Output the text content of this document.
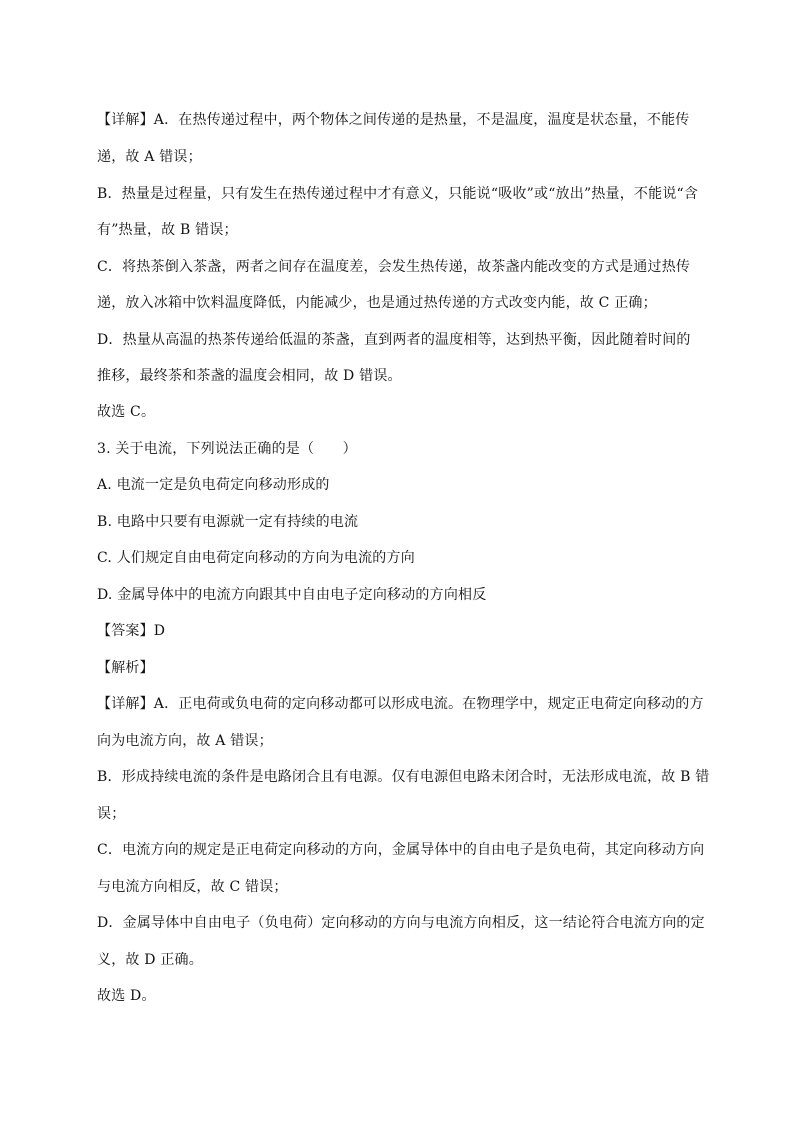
【详解】A．在热传递过程中，两个物体之间传递的是热量，不是温度，温度是状态量，不能传
递，故 A 错误；
B．热量是过程量，只有发生在热传递过程中才有意义，只能说“吸收”或“放出”热量，不能说“含
有”热量，故 B 错误；
C．将热茶倒入茶盏，两者之间存在温度差，会发生热传递，故茶盏内能改变的方式是通过热传
递，放入冰箱中饮料温度降低，内能减少，也是通过热传递的方式改变内能，故 C 正确；
D．热量从高温的热茶传递给低温的茶盏，直到两者的温度相等，达到热平衡，因此随着时间的
推移，最终茶和茶盏的温度会相同，故 D 错误。
故选 C。
3. 关于电流，下列说法正确的是（　　）
A. 电流一定是负电荷定向移动形成的
B. 电路中只要有电源就一定有持续的电流
C. 人们规定自由电荷定向移动的方向为电流的方向
D. 金属导体中的电流方向跟其中自由电子定向移动的方向相反
【答案】D
【解析】
【详解】A．正电荷或负电荷的定向移动都可以形成电流。在物理学中，规定正电荷定向移动的方
向为电流方向，故 A 错误；
B．形成持续电流的条件是电路闭合且有电源。仅有电源但电路未闭合时，无法形成电流，故 B 错
误；
C．电流方向的规定是正电荷定向移动的方向，金属导体中的自由电子是负电荷，其定向移动方向
与电流方向相反，故 C 错误；
D．金属导体中自由电子（负电荷）定向移动的方向与电流方向相反，这一结论符合电流方向的定
义，故 D 正确。
故选 D。
